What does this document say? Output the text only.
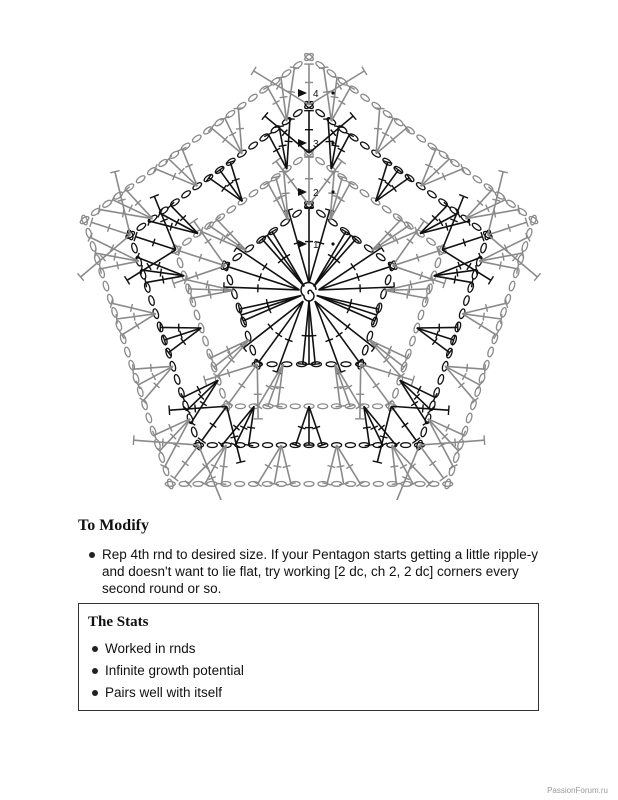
1
2
3
4
To Modify
Rep 4th rnd to desired size. If your Pentagon starts getting a little ripple-y and doesn't want to lie flat, try working [2 dc, ch 2, 2 dc] corners every second round or so.
The Stats
Worked in rnds
Infinite growth potential
Pairs well with itself
PassionForum.ru
